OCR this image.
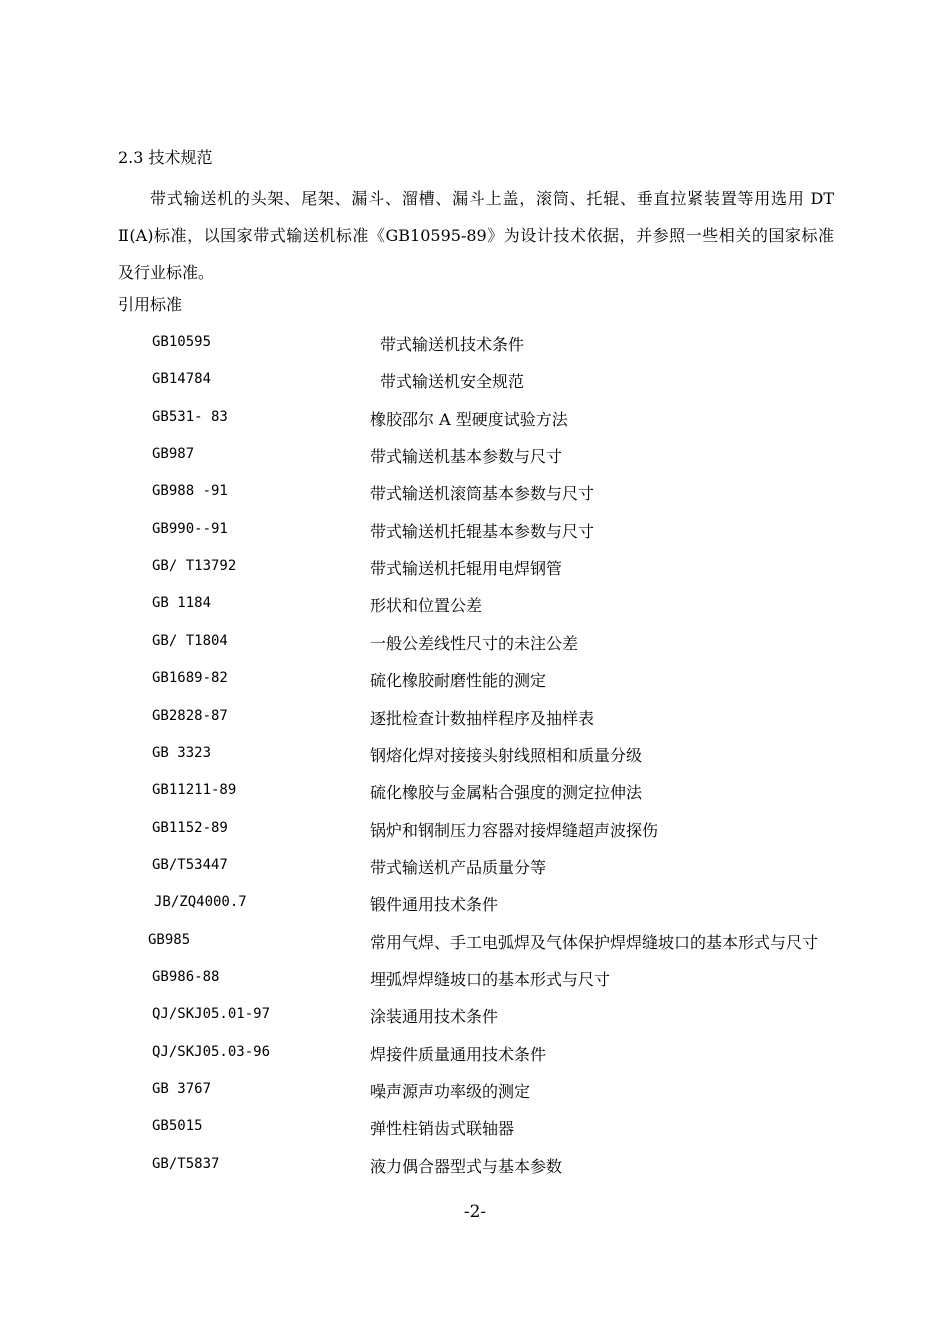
2.3 技术规范
带式输送机的头架、尾架、漏斗、溜槽、漏斗上盖，滚筒、托辊、垂直拉紧装置等用选用 DT
Ⅱ(A)标准，以国家带式输送机标准《GB10595-89》为设计技术依据，并参照一些相关的国家标准
及行业标准。
引用标准
GB10595	带式输送机技术条件
GB14784	带式输送机安全规范
GB531- 83	橡胶邵尔 A 型硬度试验方法
GB987	带式输送机基本参数与尺寸
GB988 -91	带式输送机滚筒基本参数与尺寸
GB990--91	带式输送机托辊基本参数与尺寸
GB/ T13792	带式输送机托辊用电焊钢管
GB 1184	形状和位置公差
GB/ T1804	一般公差线性尺寸的未注公差
GB1689-82	硫化橡胶耐磨性能的测定
GB2828-87	逐批检查计数抽样程序及抽样表
GB 3323	钢熔化焊对接接头射线照相和质量分级
GB11211-89	硫化橡胶与金属粘合强度的测定拉伸法
GB1152-89	锅炉和钢制压力容器对接焊缝超声波探伤
GB/T53447	带式输送机产品质量分等
JB/ZQ4000.7	锻件通用技术条件
GB985	常用气焊、手工电弧焊及气体保护焊焊缝坡口的基本形式与尺寸
GB986-88	埋弧焊焊缝坡口的基本形式与尺寸
QJ/SKJ05.01-97	涂装通用技术条件
QJ/SKJ05.03-96	焊接件质量通用技术条件
GB 3767	噪声源声功率级的测定
GB5015	弹性柱销齿式联轴器
GB/T5837	液力偶合器型式与基本参数
-2-
